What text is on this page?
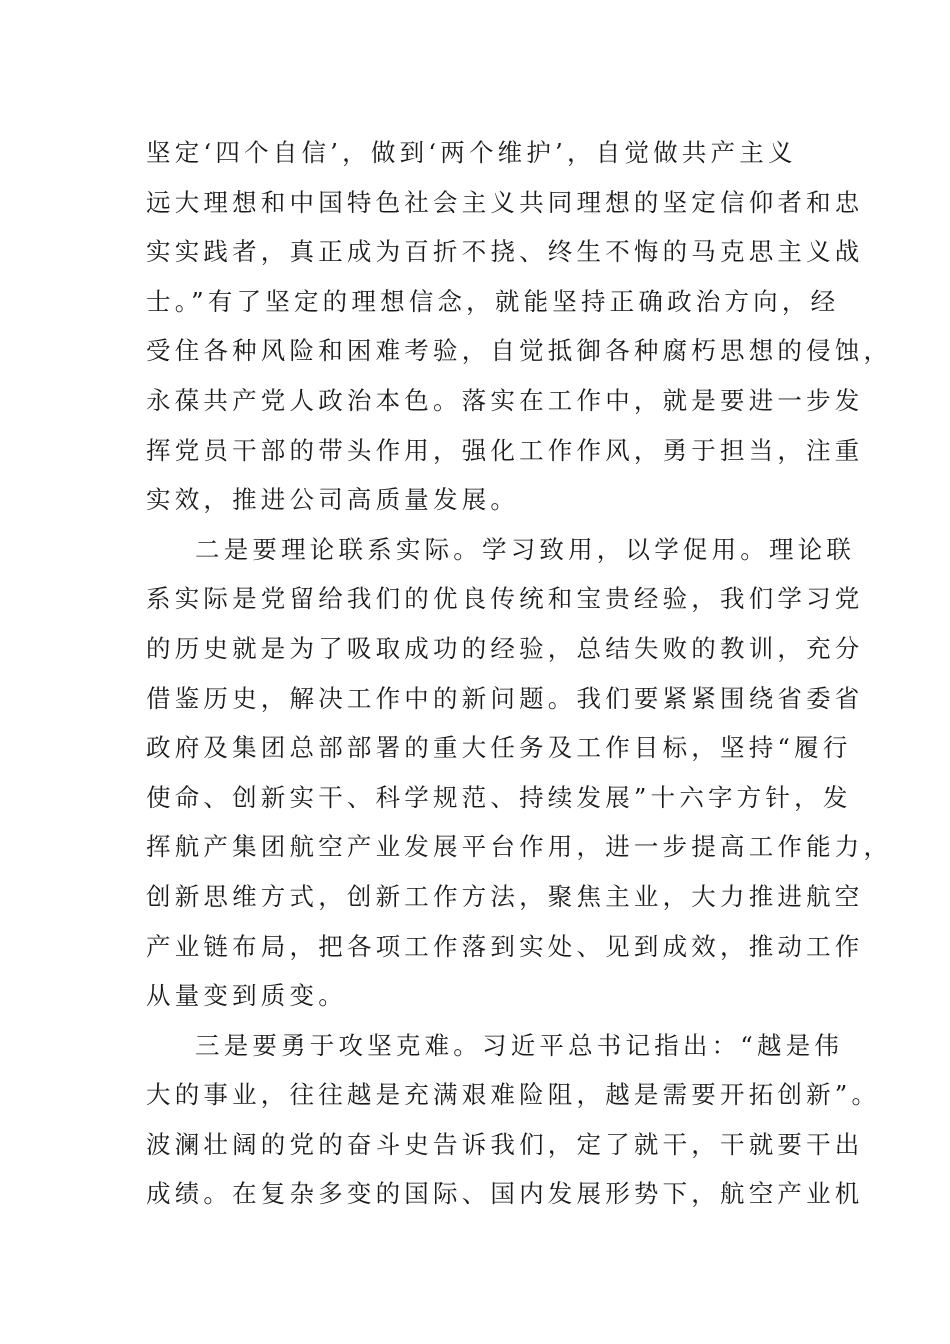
坚定‘四个自信’，做到‘两个维护’，自觉做共产主义

远大理想和中国特色社会主义共同理想的坚定信仰者和忠

实实践者，真正成为百折不挠、终生不悔的马克思主义战

士。”有了坚定的理想信念，就能坚持正确政治方向，经

受住各种风险和困难考验，自觉抵御各种腐朽思想的侵蚀，

永葆共产党人政治本色。落实在工作中，就是要进一步发

挥党员干部的带头作用，强化工作作风，勇于担当，注重

实效，推进公司高质量发展。

二是要理论联系实际。学习致用，以学促用。理论联

系实际是党留给我们的优良传统和宝贵经验，我们学习党

的历史就是为了吸取成功的经验，总结失败的教训，充分

借鉴历史，解决工作中的新问题。我们要紧紧围绕省委省

政府及集团总部部署的重大任务及工作目标，坚持“履行

使命、创新实干、科学规范、持续发展”十六字方针，发

挥航产集团航空产业发展平台作用，进一步提高工作能力，

创新思维方式，创新工作方法，聚焦主业，大力推进航空

产业链布局，把各项工作落到实处、见到成效，推动工作

从量变到质变。

三是要勇于攻坚克难。习近平总书记指出：“越是伟

大的事业，往往越是充满艰难险阻，越是需要开拓创新”。

波澜壮阔的党的奋斗史告诉我们，定了就干，干就要干出

成绩。在复杂多变的国际、国内发展形势下，航空产业机
